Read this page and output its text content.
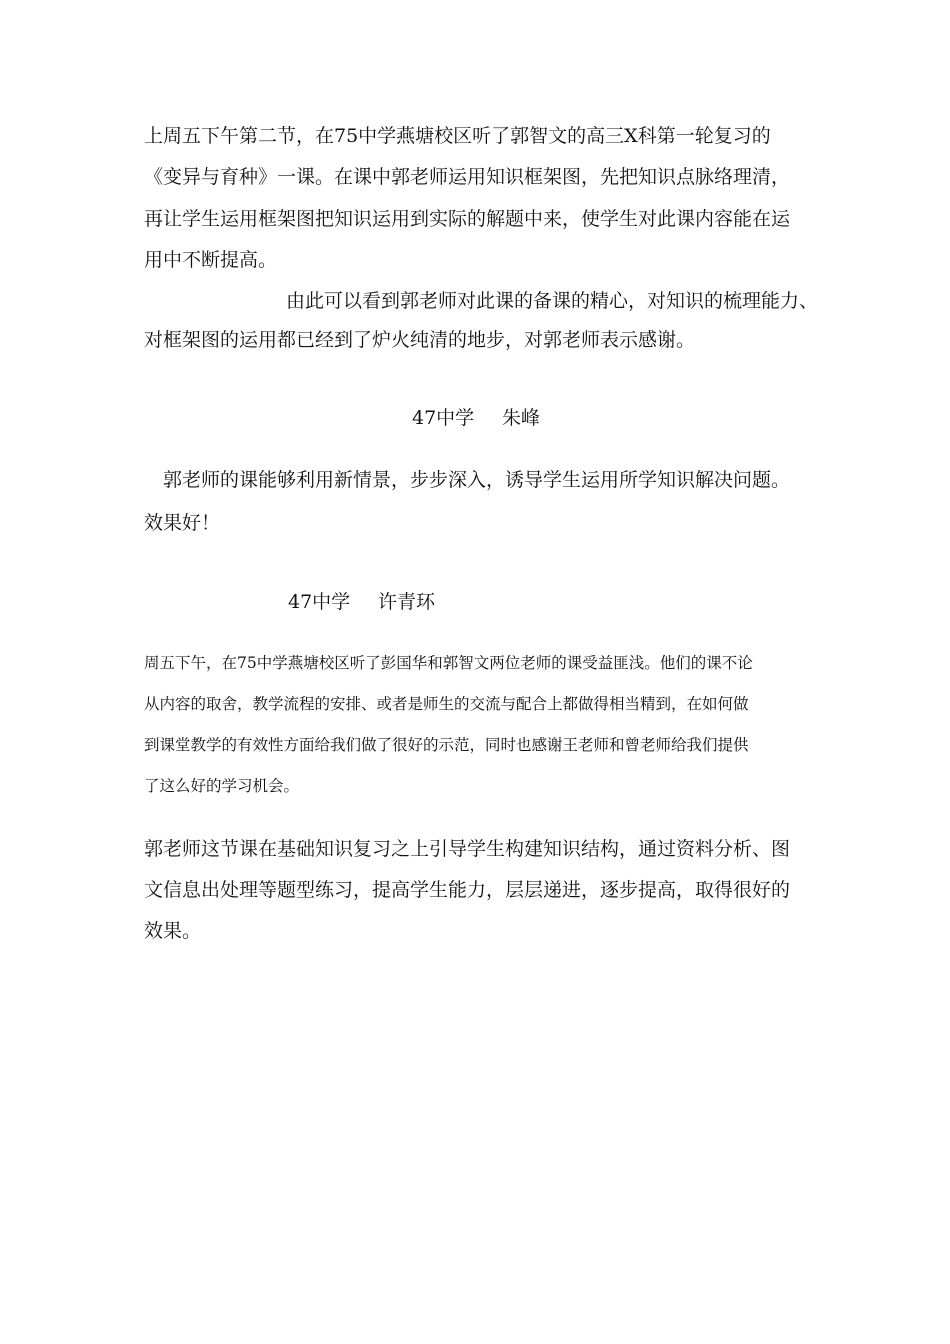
上周五下午第二节，在75中学燕塘校区听了郭智文的高三X科第一轮复习的
《变异与育种》一课。在课中郭老师运用知识框架图，先把知识点脉络理清，
再让学生运用框架图把知识运用到实际的解题中来，使学生对此课内容能在运
用中不断提高。
由此可以看到郭老师对此课的备课的精心，对知识的梳理能力、
对框架图的运用都已经到了炉火纯清的地步，对郭老师表示感谢。
47中学 朱峰
郭老师的课能够利用新情景，步步深入，诱导学生运用所学知识解决问题。
效果好！
47中学 许青环
周五下午，在75中学燕塘校区听了彭国华和郭智文两位老师的课受益匪浅。他们的课不论
从内容的取舍，教学流程的安排、或者是师生的交流与配合上都做得相当精到，在如何做
到课堂教学的有效性方面给我们做了很好的示范，同时也感谢王老师和曾老师给我们提供
了这么好的学习机会。
郭老师这节课在基础知识复习之上引导学生构建知识结构，通过资料分析、图
文信息出处理等题型练习，提高学生能力，层层递进，逐步提高，取得很好的
效果。
